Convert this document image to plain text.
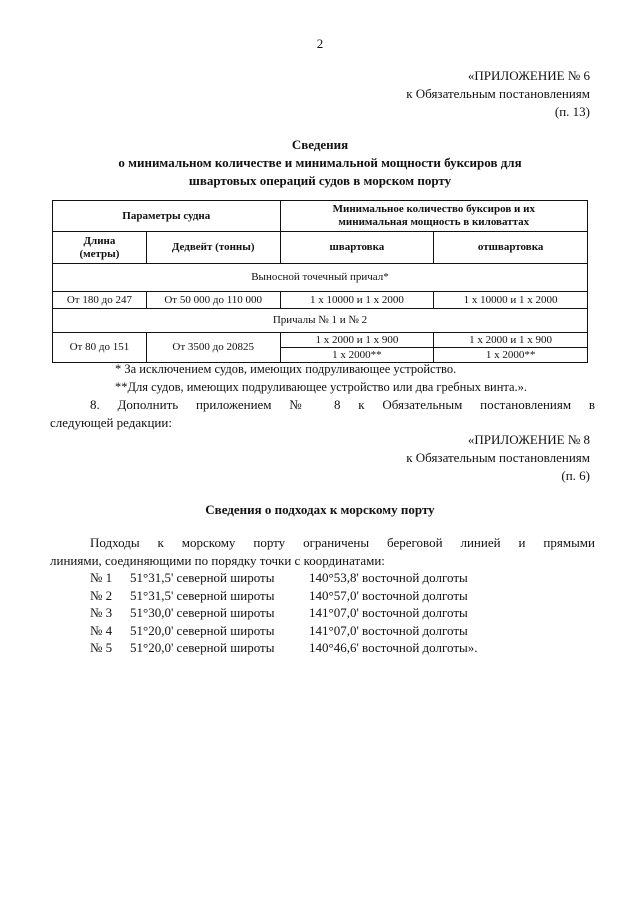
2
«ПРИЛОЖЕНИЕ № 6
к Обязательным постановлениям
(п. 13)
Сведения
о минимальном количестве и минимальной мощности буксиров для
швартовых операций судов в морском порту
Параметры судна		Минимальное количество буксиров и их
минимальная мощность в киловаттах	

Длина
(метры)	Дедвейт (тонны)	швартовка	отшвартовка
Выносной точечный причал*			
От 180 до 247	От 50 000 до 110 000	1 x 10000 и 1 x 2000	1 x 10000 и 1 x 2000
Причалы № 1 и № 2			
От 80 до 151	От 3500 до 20825	1 x 2000 и 1 x 900	1 x 2000 и 1 x 900
		1 x 2000**	1 x 2000**
* За исключением судов, имеющих подруливающее устройство.
**Для судов, имеющих подруливающее устройство или два гребных винта.».
8. Дополнить приложением № 8 к Обязательным постановлениям в
следующей редакции:
«ПРИЛОЖЕНИЕ № 8
к Обязательным постановлениям
(п. 6)
Сведения о подходах к морскому порту
Подходы к морскому порту ограничены береговой линией и прямыми
линиями, соединяющими по порядку точки с координатами:
№ 1 51°31,5' северной широты	140°53,8' восточной долготы
№ 2 51°31,5' северной широты	140°57,0' восточной долготы
№ 3 51°30,0' северной широты	141°07,0' восточной долготы
№ 4 51°20,0' северной широты	141°07,0' восточной долготы
№ 5 51°20,0' северной широты	140°46,6' восточной долготы».
